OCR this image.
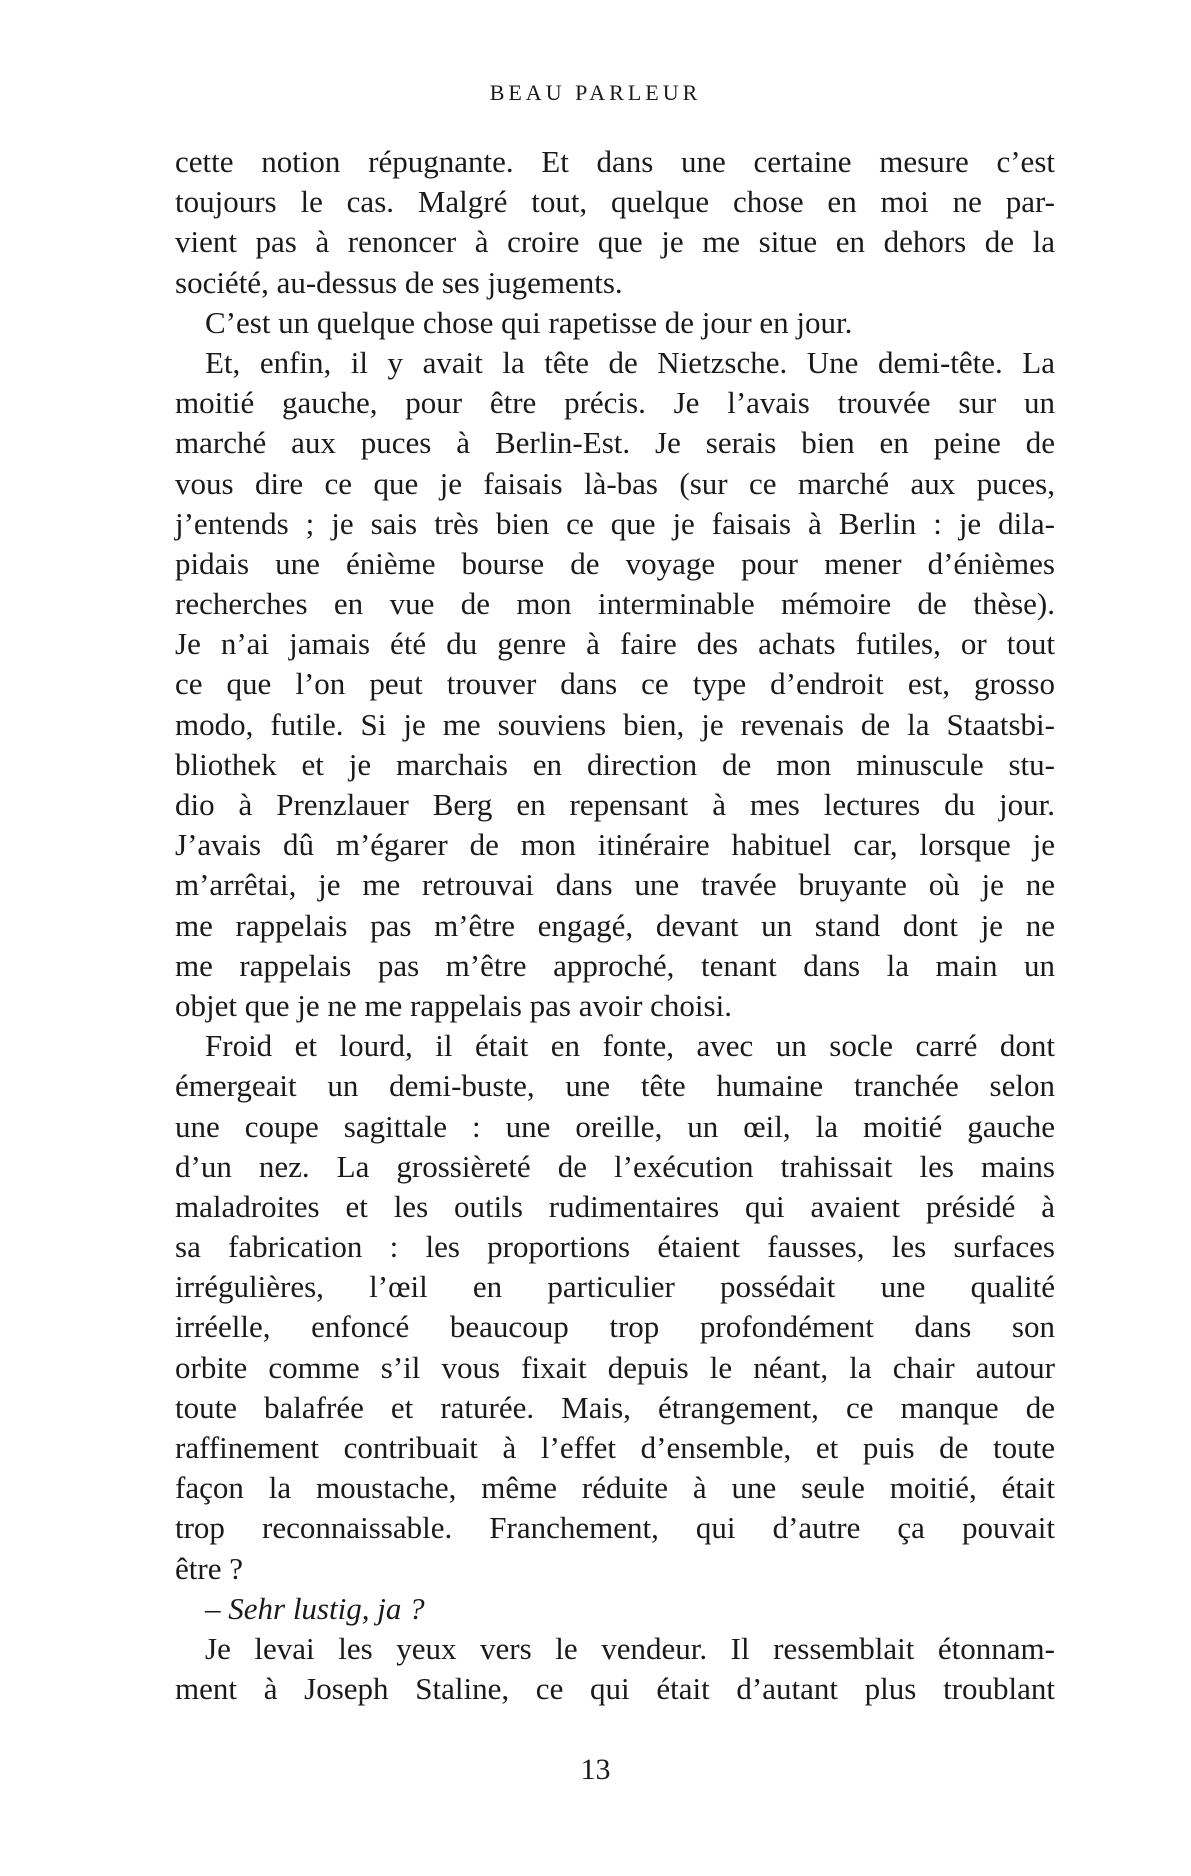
BEAU PARLEUR
cette notion répugnante. Et dans une certaine mesure c’est
toujours le cas. Malgré tout, quelque chose en moi ne par-
vient pas à renoncer à croire que je me situe en dehors de la
société, au-dessus de ses jugements.
C’est un quelque chose qui rapetisse de jour en jour.
Et, enfin, il y avait la tête de Nietzsche. Une demi-tête. La
moitié gauche, pour être précis. Je l’avais trouvée sur un
marché aux puces à Berlin-Est. Je serais bien en peine de
vous dire ce que je faisais là-bas (sur ce marché aux puces,
j’entends ; je sais très bien ce que je faisais à Berlin : je dila-
pidais une énième bourse de voyage pour mener d’énièmes
recherches en vue de mon interminable mémoire de thèse).
Je n’ai jamais été du genre à faire des achats futiles, or tout
ce que l’on peut trouver dans ce type d’endroit est, grosso
modo, futile. Si je me souviens bien, je revenais de la Staatsbi-
bliothek et je marchais en direction de mon minuscule stu-
dio à Prenzlauer Berg en repensant à mes lectures du jour.
J’avais dû m’égarer de mon itinéraire habituel car, lorsque je
m’arrêtai, je me retrouvai dans une travée bruyante où je ne
me rappelais pas m’être engagé, devant un stand dont je ne
me rappelais pas m’être approché, tenant dans la main un
objet que je ne me rappelais pas avoir choisi.
Froid et lourd, il était en fonte, avec un socle carré dont
émergeait un demi-buste, une tête humaine tranchée selon
une coupe sagittale : une oreille, un œil, la moitié gauche
d’un nez. La grossièreté de l’exécution trahissait les mains
maladroites et les outils rudimentaires qui avaient présidé à
sa fabrication : les proportions étaient fausses, les surfaces
irrégulières, l’œil en particulier possédait une qualité
irréelle, enfoncé beaucoup trop profondément dans son
orbite comme s’il vous fixait depuis le néant, la chair autour
toute balafrée et raturée. Mais, étrangement, ce manque de
raffinement contribuait à l’effet d’ensemble, et puis de toute
façon la moustache, même réduite à une seule moitié, était
trop reconnaissable. Franchement, qui d’autre ça pouvait
être ?
– Sehr lustig, ja ?
Je levai les yeux vers le vendeur. Il ressemblait étonnam-
ment à Joseph Staline, ce qui était d’autant plus troublant
13
